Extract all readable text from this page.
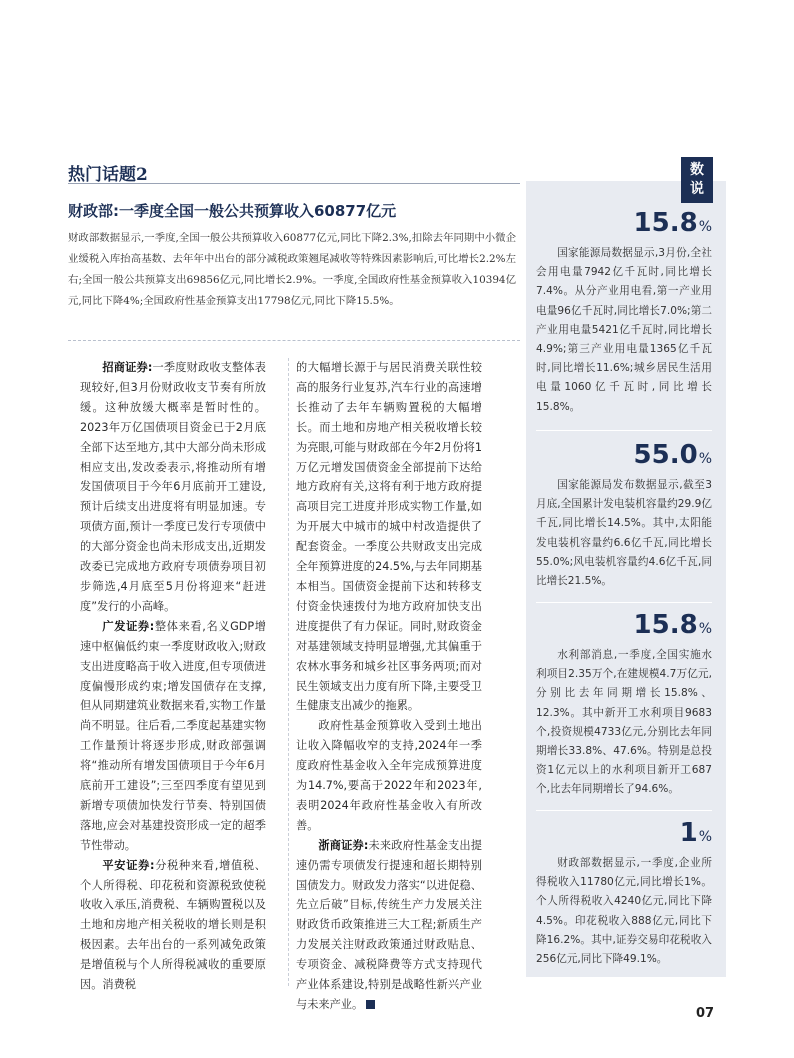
热门话题2
财政部:一季度全国一般公共预算收入60877亿元
财政部数据显示,一季度,全国一般公共预算收入60877亿元,同比下降2.3%,扣除去年同期中小微企业缓税入库抬高基数、去年年中出台的部分减税政策翘尾减收等特殊因素影响后,可比增长2.2%左右;全国一般公共预算支出69856亿元,同比增长2.9%。一季度,全国政府性基金预算收入10394亿元,同比下降4%;全国政府性基金预算支出17798亿元,同比下降15.5%。

招商证券:一季度财政收支整体表现较好,但3月份财政收支节奏有所放缓。这种放缓大概率是暂时性的。2023年万亿国债项目资金已于2月底全部下达至地方,其中大部分尚未形成相应支出,发改委表示,将推动所有增发国债项目于今年6月底前开工建设,预计后续支出进度将有明显加速。专项债方面,预计一季度已发行专项债中的大部分资金也尚未形成支出,近期发改委已完成地方政府专项债券项目初步筛选,4月底至5月份将迎来“赶进度”发行的小高峰。

广发证券:整体来看,名义GDP增速中枢偏低约束一季度财政收入;财政支出进度略高于收入进度,但专项债进度偏慢形成约束;增发国债存在支撑,但从同期建筑业数据来看,实物工作量尚不明显。往后看,二季度起基建实物工作量预计将逐步形成,财政部强调将“推动所有增发国债项目于今年6月底前开工建设”;三至四季度有望见到新增专项债加快发行节奏、特别国债落地,应会对基建投资形成一定的超季节性带动。

平安证券:分税种来看,增值税、个人所得税、印花税和资源税致使税收收入承压,消费税、车辆购置税以及土地和房地产相关税收的增长则是积极因素。去年出台的一系列减免政策是增值税与个人所得税减收的重要原因。消费税

的大幅增长源于与居民消费关联性较高的服务行业复苏,汽车行业的高速增长推动了去年车辆购置税的大幅增长。而土地和房地产相关税收增长较为亮眼,可能与财政部在今年2月份将1万亿元增发国债资金全部提前下达给地方政府有关,这将有利于地方政府提高项目完工进度并形成实物工作量,如为开展大中城市的城中村改造提供了配套资金。一季度公共财政支出完成全年预算进度的24.5%,与去年同期基本相当。国债资金提前下达和转移支付资金快速拨付为地方政府加快支出进度提供了有力保证。同时,财政资金对基建领域支持明显增强,尤其偏重于农林水事务和城乡社区事务两项;而对民生领域支出力度有所下降,主要受卫生健康支出减少的拖累。

政府性基金预算收入受到土地出让收入降幅收窄的支持,2024年一季度政府性基金收入全年完成预算进度为14.7%,要高于2022年和2023年,表明2024年政府性基金收入有所改善。

浙商证券:未来政府性基金支出提速仍需专项债发行提速和超长期特别国债发力。财政发力落实“以进促稳、先立后破”目标,传统生产力发展关注财政货币政策推进三大工程;新质生产力发展关注财政政策通过财政贴息、专项资金、减税降费等方式支持现代产业体系建设,特别是战略性新兴产业与未来产业。

数说
15.8%
国家能源局数据显示,3月份,全社会用电量7942亿千瓦时,同比增长7.4%。从分产业用电看,第一产业用电量96亿千瓦时,同比增长7.0%;第二产业用电量5421亿千瓦时,同比增长4.9%;第三产业用电量1365亿千瓦时,同比增长11.6%;城乡居民生活用电量1060亿千瓦时,同比增长15.8%。
55.0%
国家能源局发布数据显示,截至3月底,全国累计发电装机容量约29.9亿千瓦,同比增长14.5%。其中,太阳能发电装机容量约6.6亿千瓦,同比增长55.0%;风电装机容量约4.6亿千瓦,同比增长21.5%。
15.8%
水利部消息,一季度,全国实施水利项目2.35万个,在建规模4.7万亿元,分别比去年同期增长15.8%、12.3%。其中新开工水利项目9683个,投资规模4733亿元,分别比去年同期增长33.8%、47.6%。特别是总投资1亿元以上的水利项目新开工687个,比去年同期增长了94.6%。
1%
财政部数据显示,一季度,企业所得税收入11780亿元,同比增长1%。个人所得税收入4240亿元,同比下降4.5%。印花税收入888亿元,同比下降16.2%。其中,证券交易印花税收入256亿元,同比下降49.1%。
07
